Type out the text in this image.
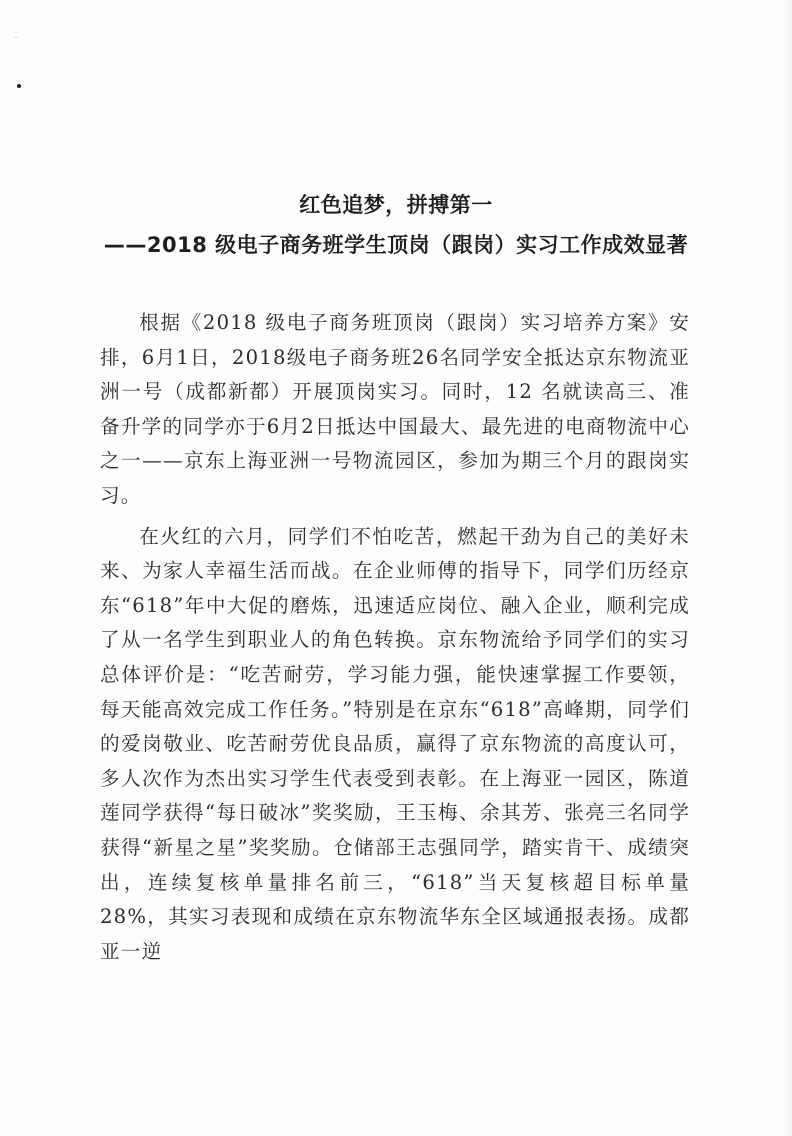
ˇ
红色追梦，拼搏第一
——2018 级电子商务班学生顶岗（跟岗）实习工作成效显著

根据《2018 级电子商务班顶岗（跟岗）实习培养方案》安排，6月1日，2018级电子商务班26名同学安全抵达京东物流亚洲一号（成都新都）开展顶岗实习。同时，12 名就读高三、准备升学的同学亦于6月2日抵达中国最大、最先进的电商物流中心之一——京东上海亚洲一号物流园区，参加为期三个月的跟岗实习。

在火红的六月，同学们不怕吃苦，燃起干劲为自己的美好未来、为家人幸福生活而战。在企业师傅的指导下，同学们历经京东“618”年中大促的磨炼，迅速适应岗位、融入企业，顺利完成了从一名学生到职业人的角色转换。京东物流给予同学们的实习总体评价是：“吃苦耐劳，学习能力强，能快速掌握工作要领，每天能高效完成工作任务。”特别是在京东“618”高峰期，同学们的爱岗敬业、吃苦耐劳优良品质，赢得了京东物流的高度认可，多人次作为杰出实习学生代表受到表彰。在上海亚一园区，陈道莲同学获得“每日破冰”奖奖励，王玉梅、余其芳、张亮三名同学获得“新星之星”奖奖励。仓储部王志强同学，踏实肯干、成绩突出，连续复核单量排名前三，“618”当天复核超目标单量 28%，其实习表现和成绩在京东物流华东全区域通报表扬。成都亚一逆
